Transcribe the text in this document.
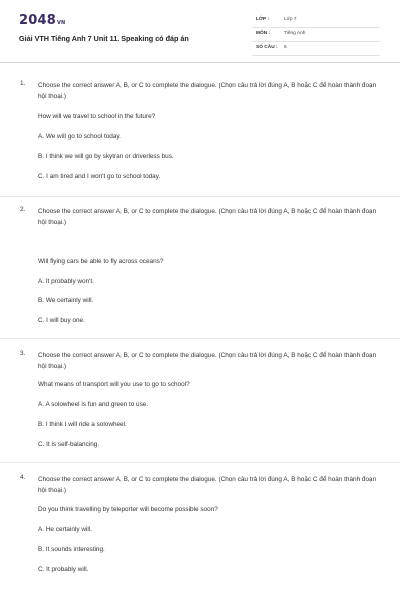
2048VN
Giải VTH Tiếng Anh 7 Unit 11. Speaking có đáp án
LỚP :	Lớp 7
MÔN :	Tiếng Anh
SỐ CÂU : 6
1. Choose the correct answer A, B, or C to complete the dialogue. (Chọn câu trả lời đúng A, B hoặc C để hoàn thành đoạn hội thoại.)
How will we travel to school in the future?
A. We will go to school today.
B. I think we will go by skytran or driverless bus.
C. I am tired and I won't go to school today.
2. Choose the correct answer A, B, or C to complete the dialogue. (Chọn câu trả lời đúng A, B hoặc C để hoàn thành đoạn hội thoại.)
Will flying cars be able to fly across oceans?
A. It probably won't.
B. We certainly will.
C. I will buy one.
3. Choose the correct answer A, B, or C to complete the dialogue. (Chọn câu trả lời đúng A, B hoặc C để hoàn thành đoạn hội thoại.)
What means of transport will you use to go to school?
A. A solowheel is fun and green to use.
B. I think I will ride a solowheel.
C. It is self-balancing.
4. Choose the correct answer A, B, or C to complete the dialogue. (Chọn câu trả lời đúng A, B hoặc C để hoàn thành đoạn hội thoại.)
Do you think travelling by teleporter will become possible soon?
A. He certainly will.
B. It sounds interesting.
C. It probably will.
